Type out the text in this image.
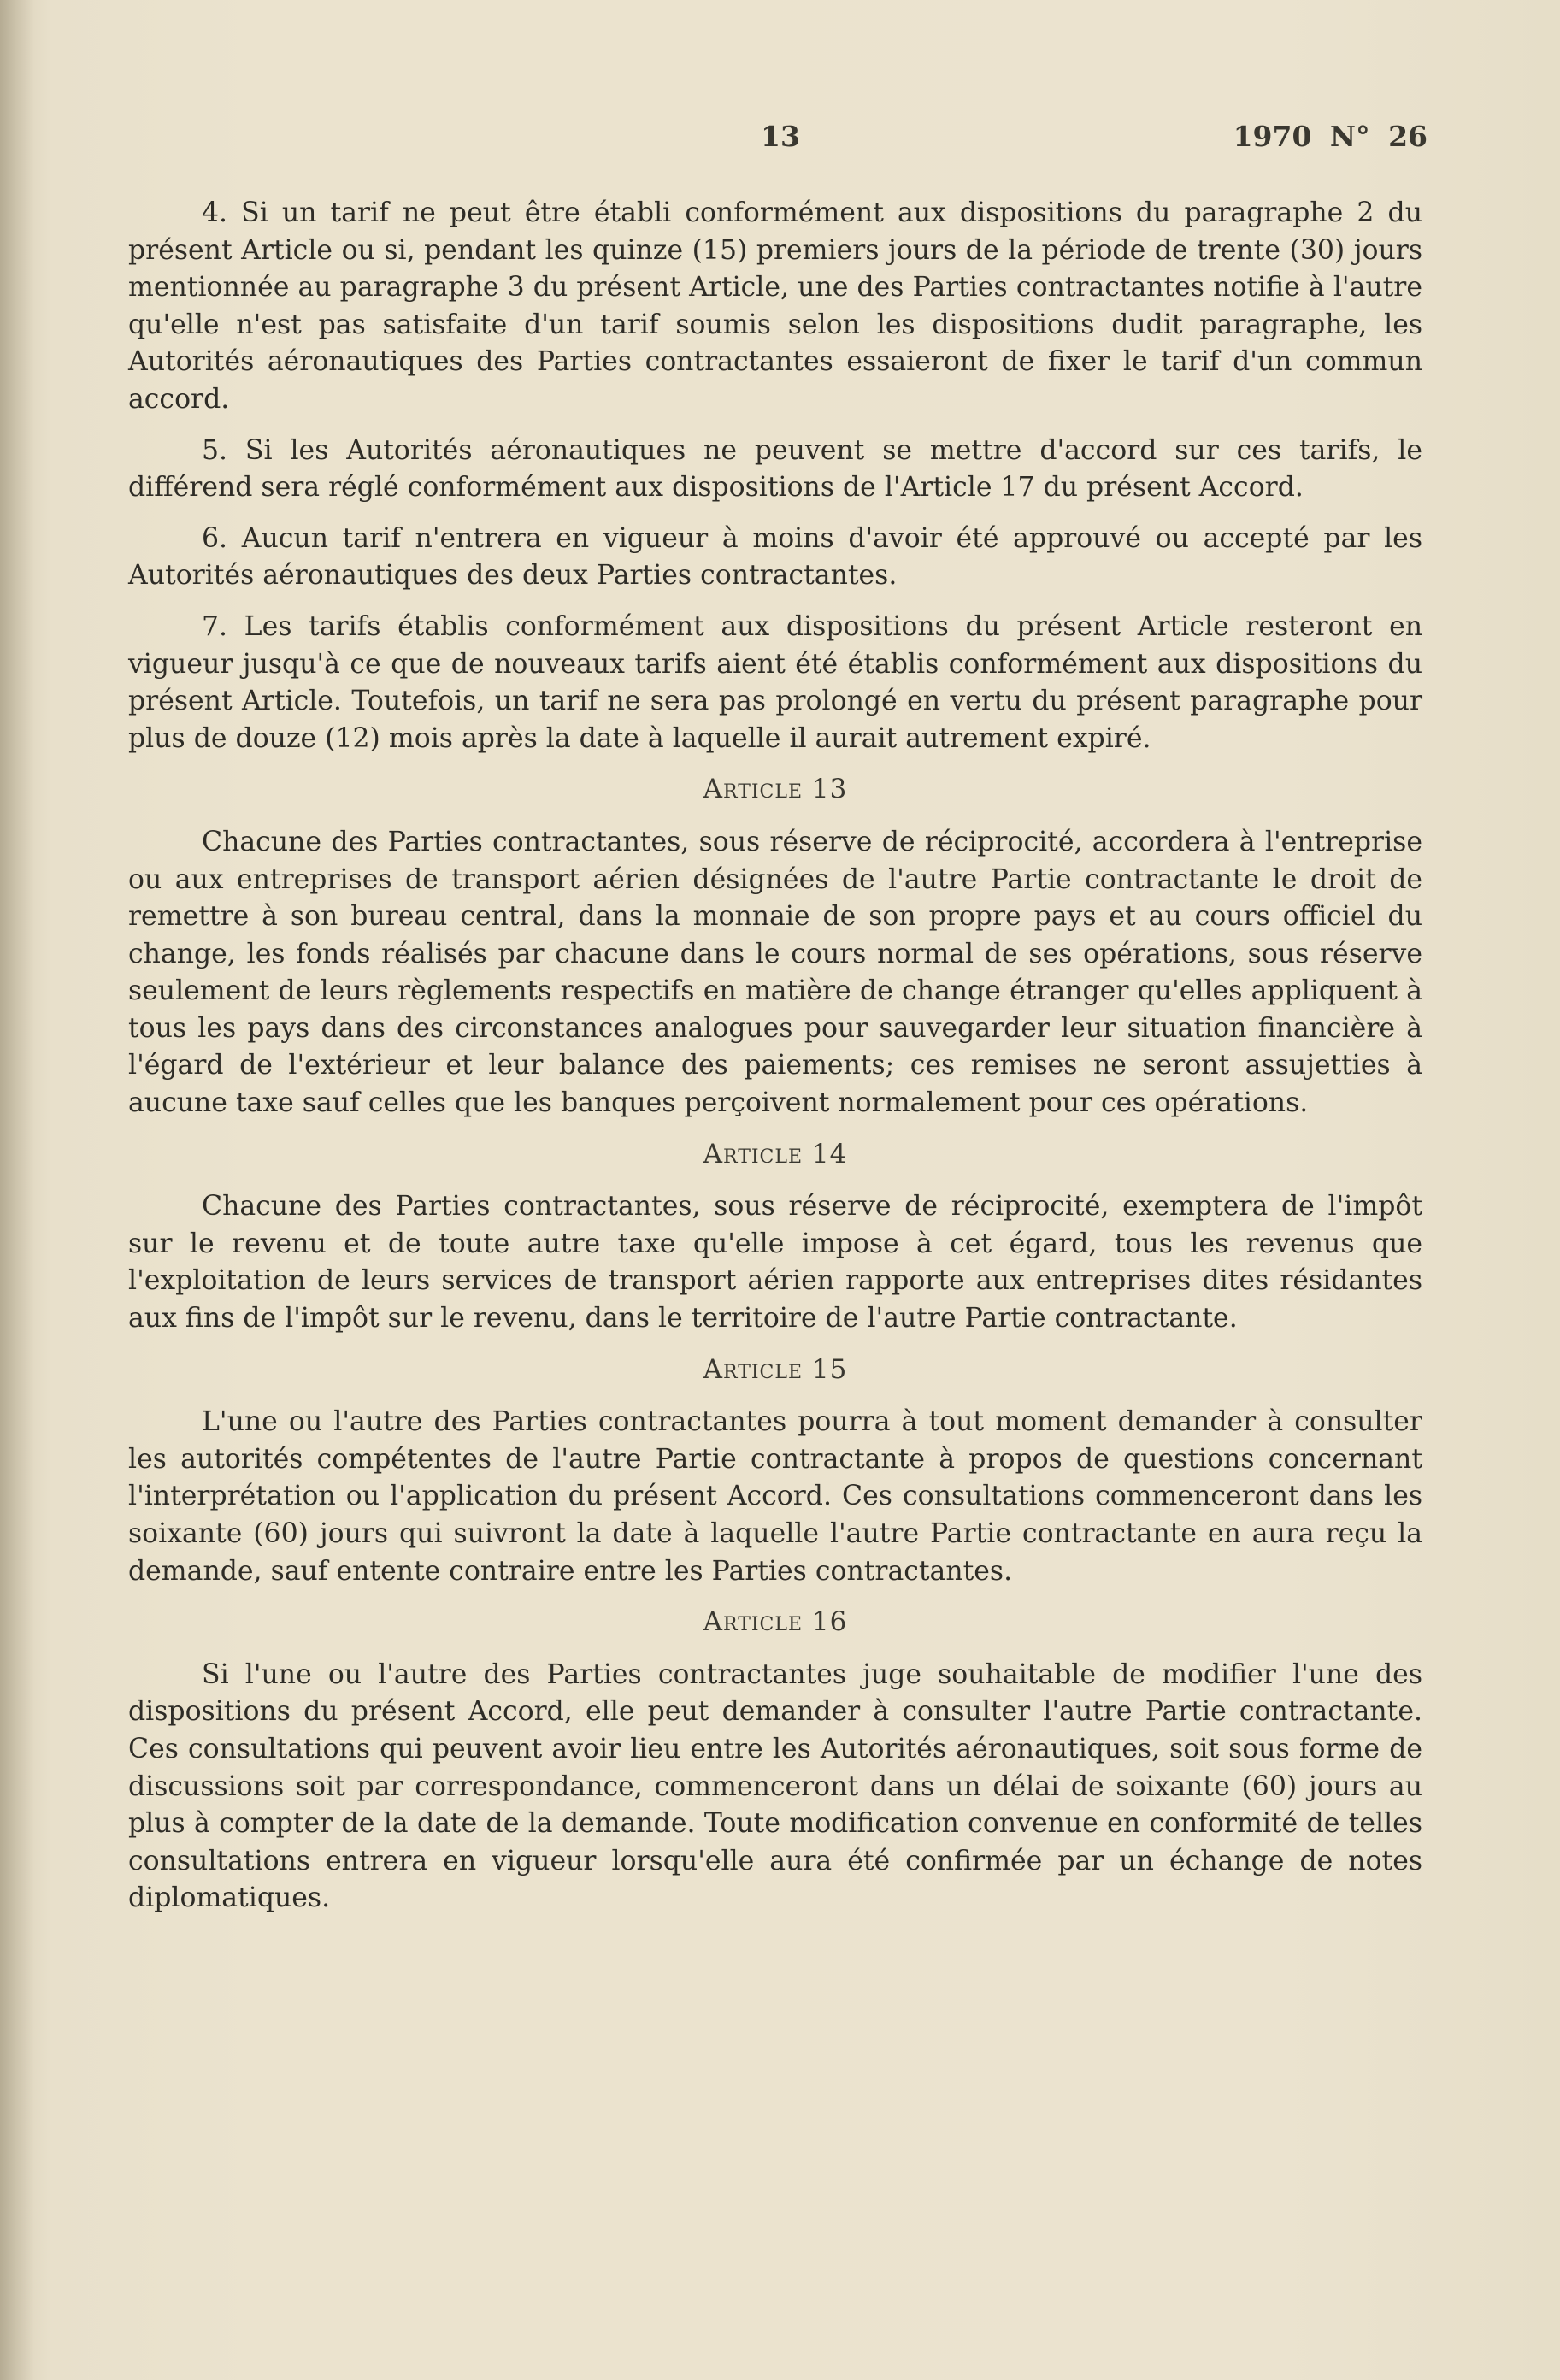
13	1970 N° 26

4. Si un tarif ne peut être établi conformément aux dispositions du paragraphe 2 du présent Article ou si, pendant les quinze (15) premiers jours de la période de trente (30) jours mentionnée au paragraphe 3 du présent Article, une des Parties contractantes notifie à l'autre qu'elle n'est pas satisfaite d'un tarif soumis selon les dispositions dudit paragraphe, les Autorités aéronautiques des Parties contractantes essaieront de fixer le tarif d'un commun accord.

5. Si les Autorités aéronautiques ne peuvent se mettre d'accord sur ces tarifs, le différend sera réglé conformément aux dispositions de l'Article 17 du présent Accord.

6. Aucun tarif n'entrera en vigueur à moins d'avoir été approuvé ou accepté par les Autorités aéronautiques des deux Parties contractantes.

7. Les tarifs établis conformément aux dispositions du présent Article resteront en vigueur jusqu'à ce que de nouveaux tarifs aient été établis conformément aux dispositions du présent Article. Toutefois, un tarif ne sera pas prolongé en vertu du présent paragraphe pour plus de douze (12) mois après la date à laquelle il aurait autrement expiré.

Article 13

Chacune des Parties contractantes, sous réserve de réciprocité, accordera à l'entreprise ou aux entreprises de transport aérien désignées de l'autre Partie contractante le droit de remettre à son bureau central, dans la monnaie de son propre pays et au cours officiel du change, les fonds réalisés par chacune dans le cours normal de ses opérations, sous réserve seulement de leurs règlements respectifs en matière de change étranger qu'elles appliquent à tous les pays dans des circonstances analogues pour sauvegarder leur situation financière à l'égard de l'extérieur et leur balance des paiements; ces remises ne seront assujetties à aucune taxe sauf celles que les banques perçoivent normalement pour ces opérations.

Article 14

Chacune des Parties contractantes, sous réserve de réciprocité, exemptera de l'impôt sur le revenu et de toute autre taxe qu'elle impose à cet égard, tous les revenus que l'exploitation de leurs services de transport aérien rapporte aux entreprises dites résidantes aux fins de l'impôt sur le revenu, dans le territoire de l'autre Partie contractante.

Article 15

L'une ou l'autre des Parties contractantes pourra à tout moment demander à consulter les autorités compétentes de l'autre Partie contractante à propos de questions concernant l'interprétation ou l'application du présent Accord. Ces consultations commenceront dans les soixante (60) jours qui suivront la date à laquelle l'autre Partie contractante en aura reçu la demande, sauf entente contraire entre les Parties contractantes.

Article 16

Si l'une ou l'autre des Parties contractantes juge souhaitable de modifier l'une des dispositions du présent Accord, elle peut demander à consulter l'autre Partie contractante. Ces consultations qui peuvent avoir lieu entre les Autorités aéronautiques, soit sous forme de discussions soit par correspondance, commenceront dans un délai de soixante (60) jours au plus à compter de la date de la demande. Toute modification convenue en conformité de telles consultations entrera en vigueur lorsqu'elle aura été confirmée par un échange de notes diplomatiques.
